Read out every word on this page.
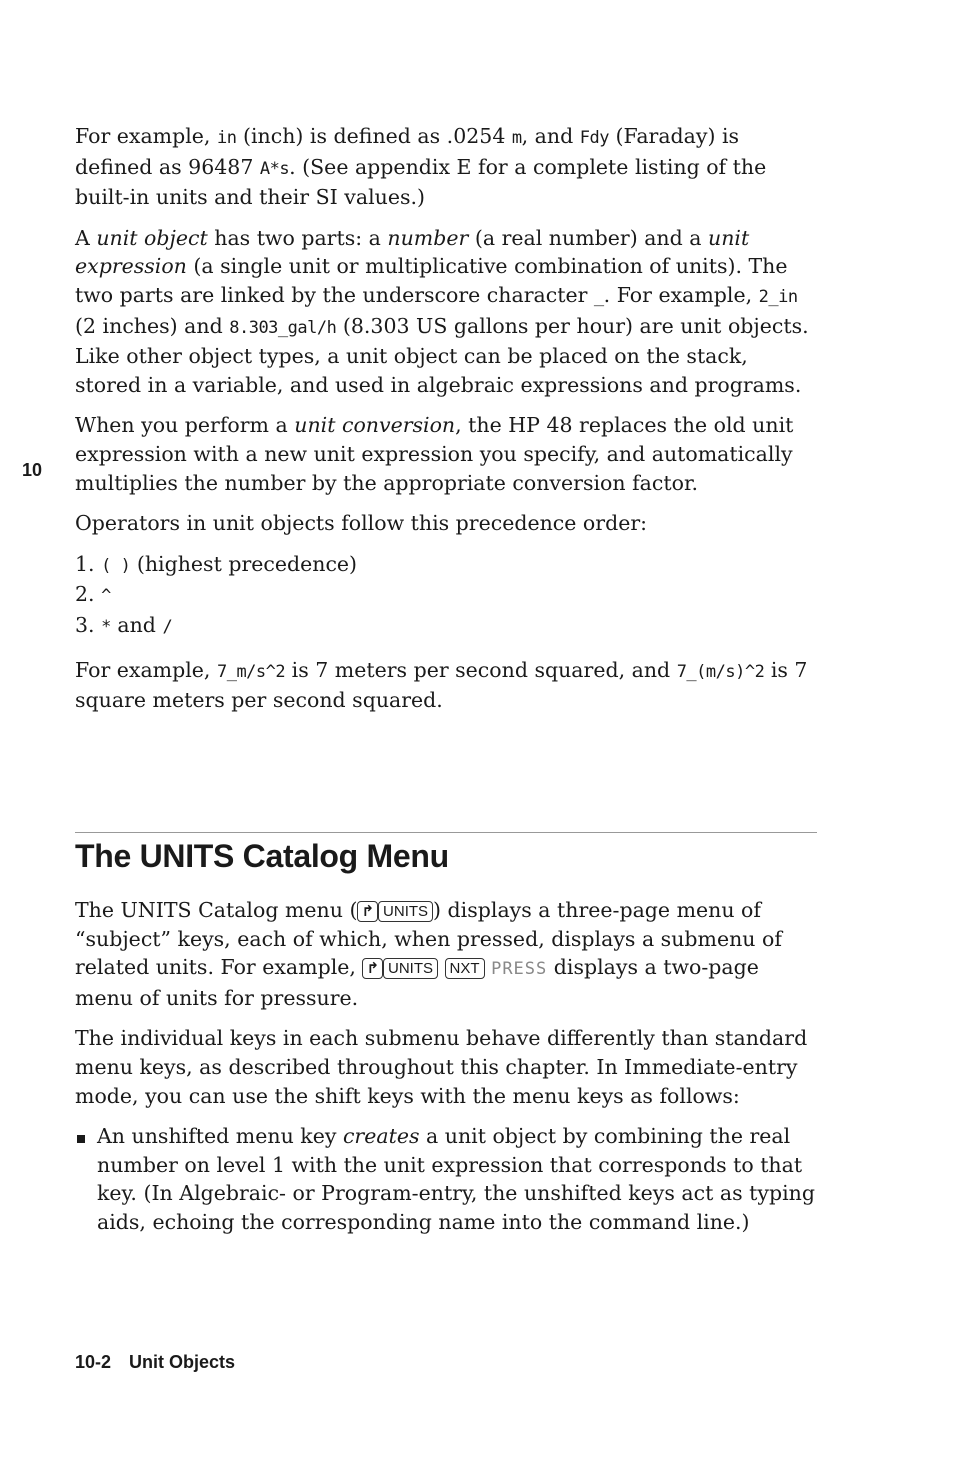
10

For example, in (inch) is defined as .0254 m, and Fdy (Faraday) is defined as 96487 A*s. (See appendix E for a complete listing of the built-in units and their SI values.)

A unit object has two parts: a number (a real number) and a unit expression (a single unit or multiplicative combination of units). The two parts are linked by the underscore character _. For example, 2_in (2 inches) and 8.303_gal/h (8.303 US gallons per hour) are unit objects. Like other object types, a unit object can be placed on the stack, stored in a variable, and used in algebraic expressions and programs.

When you perform a unit conversion, the HP 48 replaces the old unit expression with a new unit expression you specify, and automatically multiplies the number by the appropriate conversion factor.

Operators in unit objects follow this precedence order:

1. ( ) (highest precedence)
2. ^
3. * and /

For example, 7_m/s^2 is 7 meters per second squared, and 7_(m/s)^2 is 7 square meters per second squared.

The UNITS Catalog Menu

The UNITS Catalog menu ( ↱ UNITS ) displays a three-page menu of “subject” keys, each of which, when pressed, displays a submenu of related units. For example, ↱ UNITS NXT PRESS displays a two-page menu of units for pressure.

The individual keys in each submenu behave differently than standard menu keys, as described throughout this chapter. In Immediate-entry mode, you can use the shift keys with the menu keys as follows:

An unshifted menu key creates a unit object by combining the real number on level 1 with the unit expression that corresponds to that key. (In Algebraic- or Program-entry, the unshifted keys act as typing aids, echoing the corresponding name into the command line.)
10-2 Unit Objects
